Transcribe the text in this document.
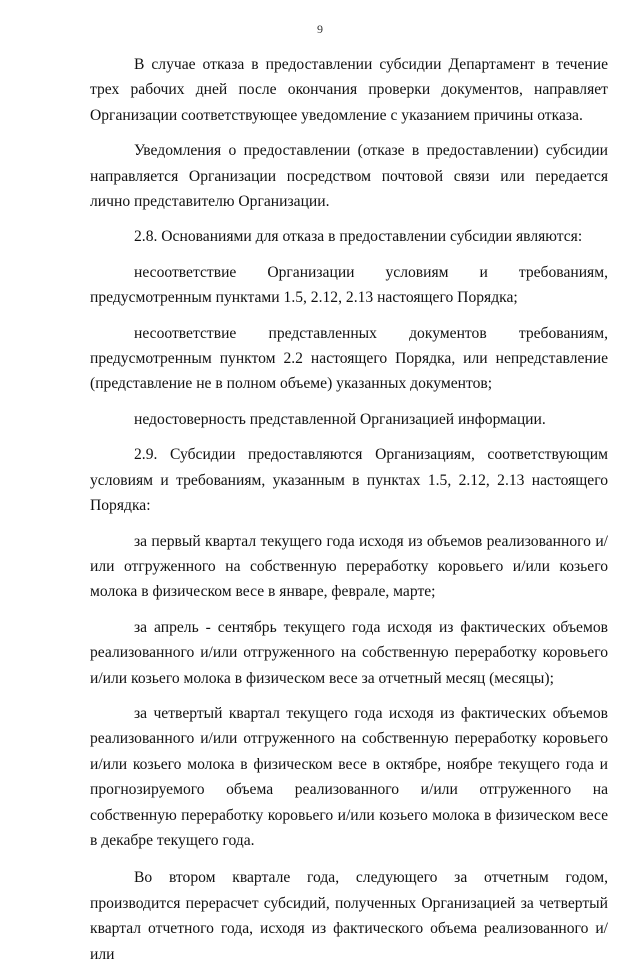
9

В случае отказа в предоставлении субсидии Департамент в течение трех рабочих дней после окончания проверки документов, направляет Организации соответствующее уведомление с указанием причины отказа.

Уведомления о предоставлении (отказе в предоставлении) субсидии направляется Организации посредством почтовой связи или передается лично представителю Организации.

2.8. Основаниями для отказа в предоставлении субсидии являются:

несоответствие Организации условиям и требованиям, предусмотренным пунктами 1.5, 2.12, 2.13 настоящего Порядка;

несоответствие представленных документов требованиям, предусмотренным пунктом 2.2 настоящего Порядка, или непредставление (представление не в полном объеме) указанных документов;

недостоверность представленной Организацией информации.

2.9. Субсидии предоставляются Организациям, соответствующим условиям и требованиям, указанным в пунктах 1.5, 2.12, 2.13 настоящего Порядка:

за первый квартал текущего года исходя из объемов реализованного и/или отгруженного на собственную переработку коровьего и/или козьего молока в физическом весе в январе, феврале, марте;

за апрель - сентябрь текущего года исходя из фактических объемов реализованного и/или отгруженного на собственную переработку коровьего и/или козьего молока в физическом весе за отчетный месяц (месяцы);

за четвертый квартал текущего года исходя из фактических объемов реализованного и/или отгруженного на собственную переработку коровьего и/или козьего молока в физическом весе в октябре, ноябре текущего года и прогнозируемого объема реализованного и/или отгруженного на собственную переработку коровьего и/или козьего молока в физическом весе в декабре текущего года.

Во втором квартале года, следующего за отчетным годом, производится перерасчет субсидий, полученных Организацией за четвертый квартал отчетного года, исходя из фактического объема реализованного и/или
